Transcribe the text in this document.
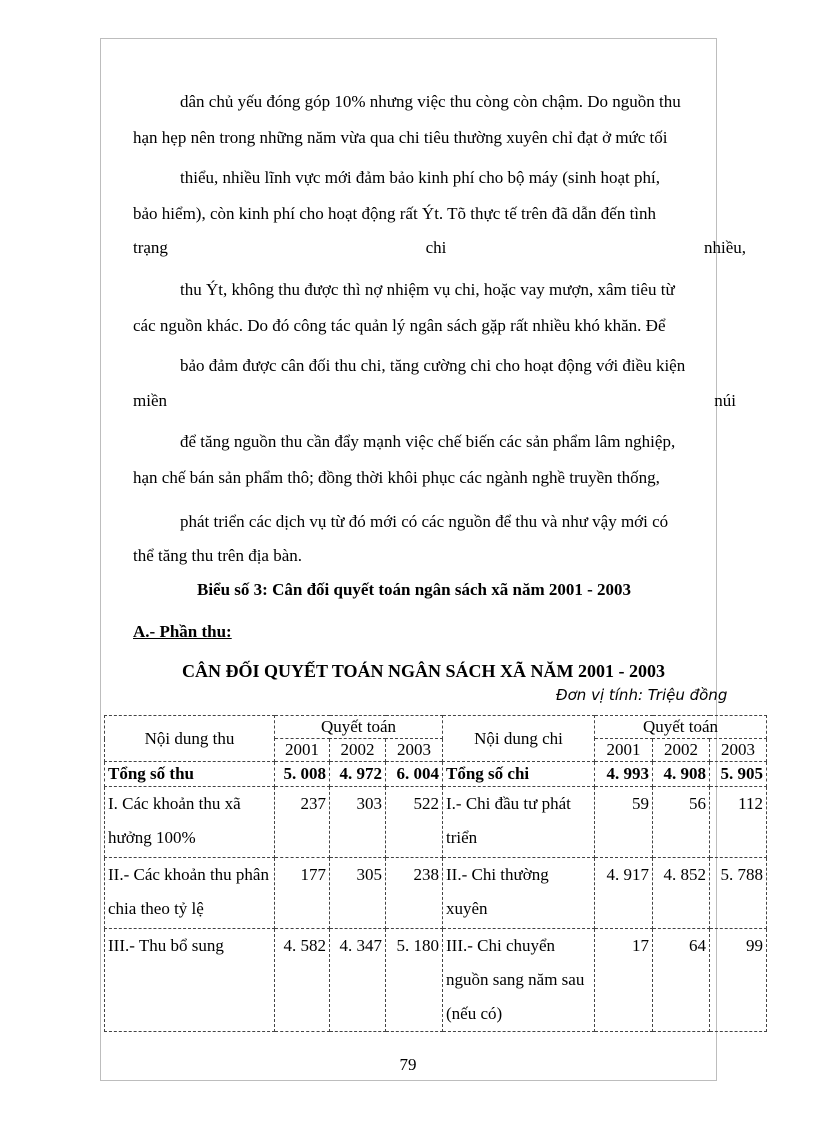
dân chủ yếu đóng góp 10% nhưng việc thu còng còn chậm. Do nguồn thu
hạn hẹp nên trong những năm vừa qua chi tiêu thường xuyên chỉ đạt ở mức tối
thiểu, nhiều lĩnh vực mới đảm bảo kinh phí cho bộ máy (sinh hoạt phí,
bảo hiểm), còn kinh phí cho hoạt động rất Ýt. Tõ thực tế trên đã dẫn đến tình
trạng	chi	nhiều,
thu Ýt, không thu được thì nợ nhiệm vụ chi, hoặc vay mượn, xâm tiêu từ
các nguồn khác. Do đó công tác quản lý ngân sách gặp rất nhiều khó khăn. Để
bảo đảm được cân đối thu chi, tăng cường chi cho hoạt động với điều kiện
miền	núi
để tăng nguồn thu cần đẩy mạnh việc chế biến các sản phẩm lâm nghiệp,
hạn chế bán sản phẩm thô; đồng thời khôi phục các ngành nghề truyền thống,
phát triển các dịch vụ từ đó mới có các nguồn để thu và như vậy mới có
thể tăng thu trên địa bàn.
Biểu số 3: Cân đối quyết toán ngân sách xã năm 2001 - 2003
A.- Phần thu:
CÂN ĐỐI QUYẾT TOÁN NGÂN SÁCH XÃ NĂM 2001 - 2003
Đơn vị tính: Triệu đồng
Nội dung thu	Quyết toán			Nội dung chi	Quyết toán		
	2001	2002	2003		2001	2002	2003
Tổng số thu	5. 008	4. 972	6. 004	Tổng số chi	4. 993	4. 908	5. 905
I. Các khoản thu xã hưởng 100%	237	303	522	I.- Chi đầu tư phát triển	59	56	112
II.- Các khoản thu phân chia theo tỷ lệ	177	305	238	II.- Chi thường xuyên	4. 917	4. 852	5. 788
III.- Thu bổ sung	4. 582	4. 347	5. 180	III.- Chi chuyển nguồn sang năm sau (nếu có)	17	64	99
79
